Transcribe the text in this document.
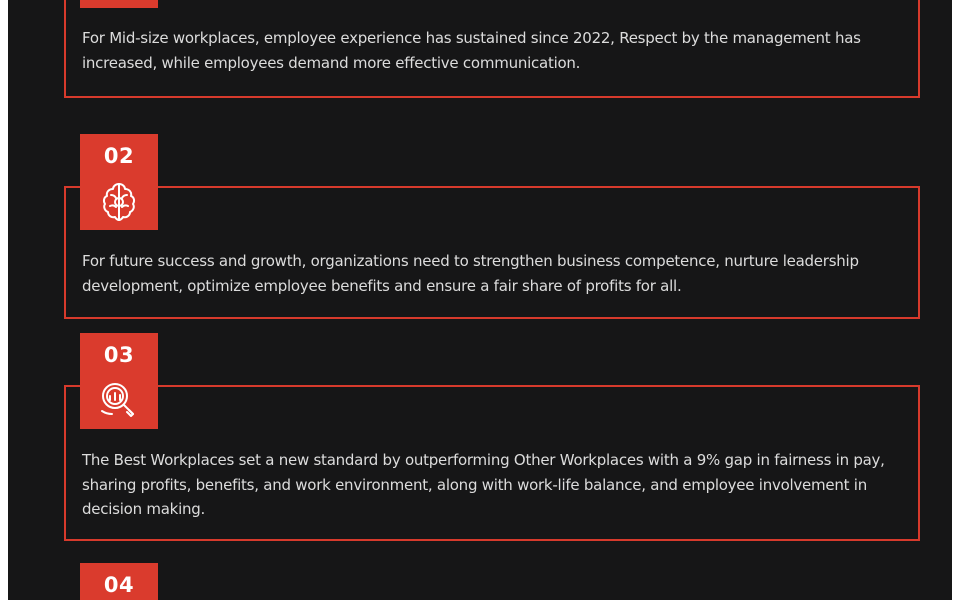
For Mid-size workplaces, employee experience has sustained since 2022, Respect by the management has increased, while employees demand more effective communication.

For future success and growth, organizations need to strengthen business competence, nurture leadership development, optimize employee benefits and ensure a fair share of profits for all.

02

The Best Workplaces set a new standard by outperforming Other Workplaces with a 9% gap in fairness in pay, sharing profits, benefits, and work environment, along with work-life balance, and employee involvement in decision making.

03
04
